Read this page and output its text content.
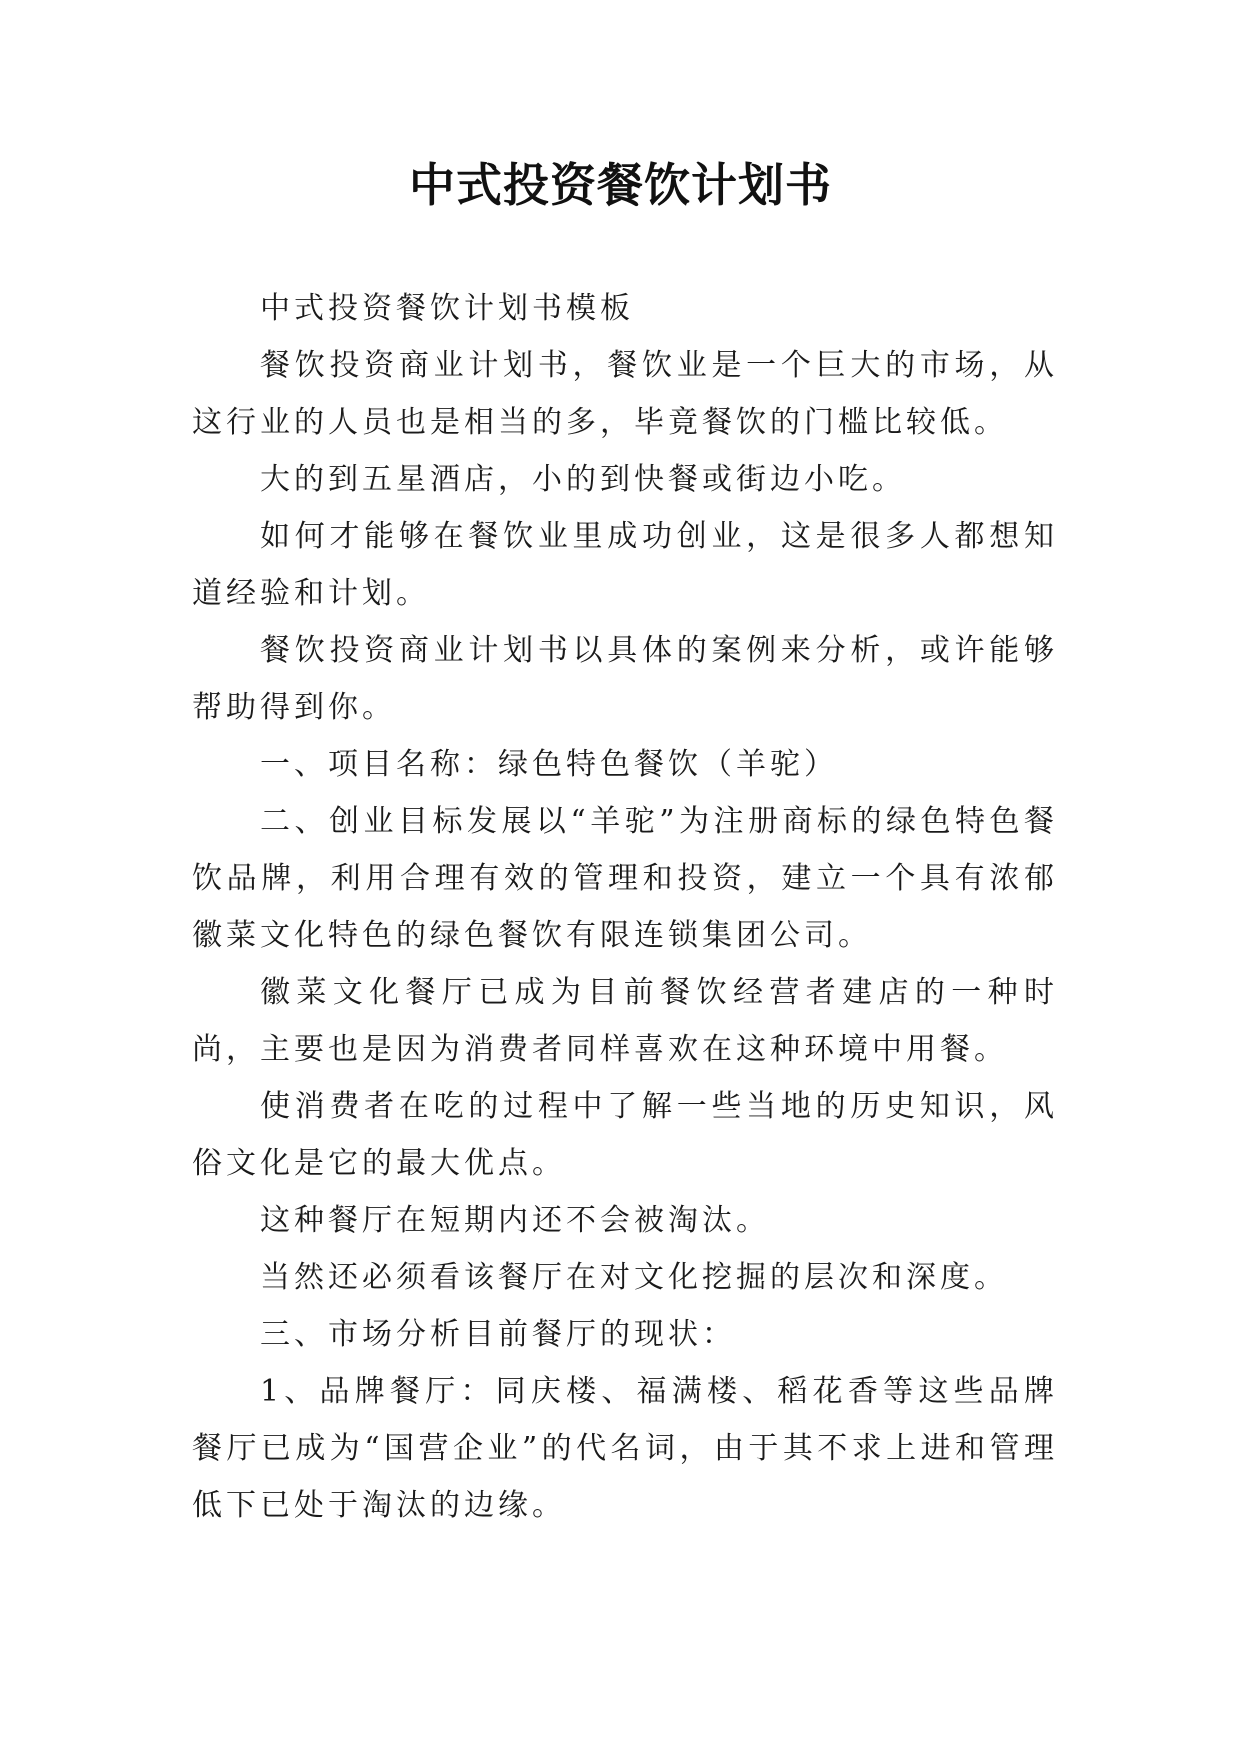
中式投资餐饮计划书

中式投资餐饮计划书模板

餐饮投资商业计划书，餐饮业是一个巨大的市场，从这行业的人员也是相当的多，毕竟餐饮的门槛比较低。

大的到五星酒店，小的到快餐或街边小吃。

如何才能够在餐饮业里成功创业，这是很多人都想知道经验和计划。

餐饮投资商业计划书以具体的案例来分析，或许能够帮助得到你。

一、项目名称：绿色特色餐饮（羊驼）

二、创业目标发展以“羊驼”为注册商标的绿色特色餐饮品牌，利用合理有效的管理和投资，建立一个具有浓郁徽菜文化特色的绿色餐饮有限连锁集团公司。

徽菜文化餐厅已成为目前餐饮经营者建店的一种时尚，主要也是因为消费者同样喜欢在这种环境中用餐。

使消费者在吃的过程中了解一些当地的历史知识，风俗文化是它的最大优点。

这种餐厅在短期内还不会被淘汰。

当然还必须看该餐厅在对文化挖掘的层次和深度。

三、市场分析目前餐厅的现状：

1、品牌餐厅：同庆楼、福满楼、稻花香等这些品牌餐厅已成为“国营企业”的代名词，由于其不求上进和管理低下已处于淘汰的边缘。
